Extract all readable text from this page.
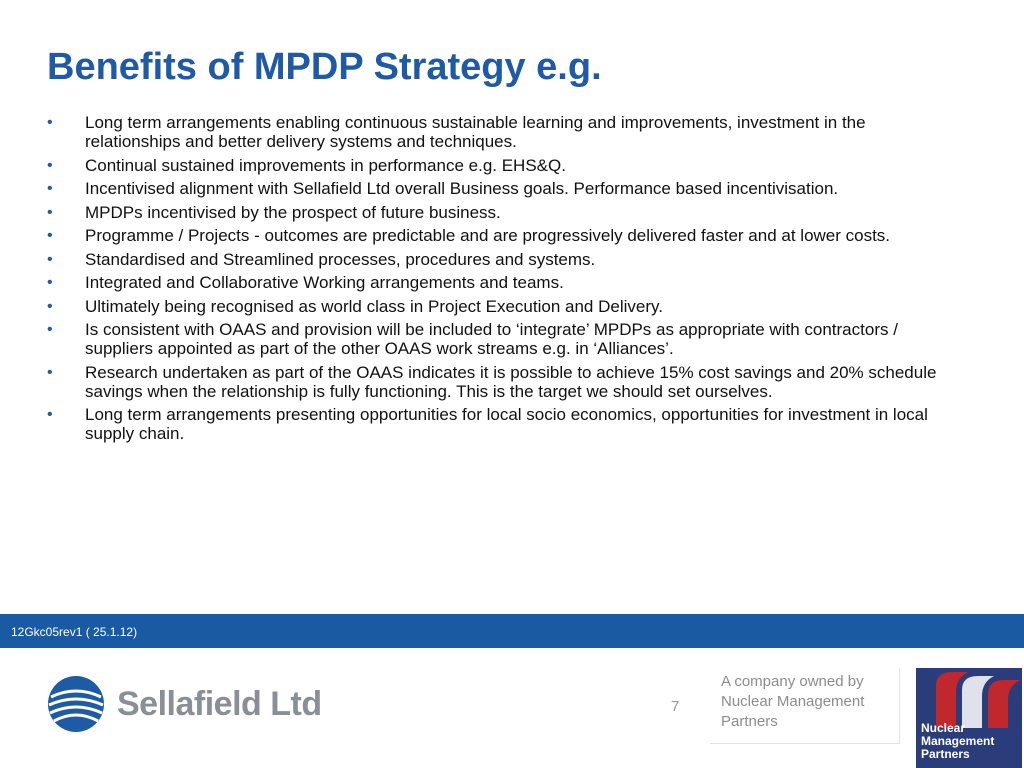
Benefits of MPDP Strategy e.g.
• Long term arrangements enabling continuous sustainable learning and improvements, investment in the relationships and better delivery systems and techniques.
• Continual sustained improvements in performance e.g. EHS&Q.
• Incentivised alignment with Sellafield Ltd overall Business goals. Performance based incentivisation.
• MPDPs incentivised by the prospect of future business.
• Programme / Projects - outcomes are predictable and are progressively delivered faster and at lower costs.
• Standardised and Streamlined processes, procedures and systems.
• Integrated and Collaborative Working arrangements and teams.
• Ultimately being recognised as world class in Project Execution and Delivery.
• Is consistent with OAAS and provision will be included to ‘integrate’ MPDPs as appropriate with contractors / suppliers appointed as part of the other OAAS work streams e.g. in ‘Alliances’.
• Research undertaken as part of the OAAS indicates it is possible to achieve 15% cost savings and 20% schedule savings when the relationship is fully functioning. This is the target we should set ourselves.
• Long term arrangements presenting opportunities for local socio economics, opportunities for investment in local supply chain.
12Gkc05rev1 ( 25.1.12)
Sellafield Ltd	7
A company owned by
Nuclear Management
Partners	Nuclear
Management
Partners
